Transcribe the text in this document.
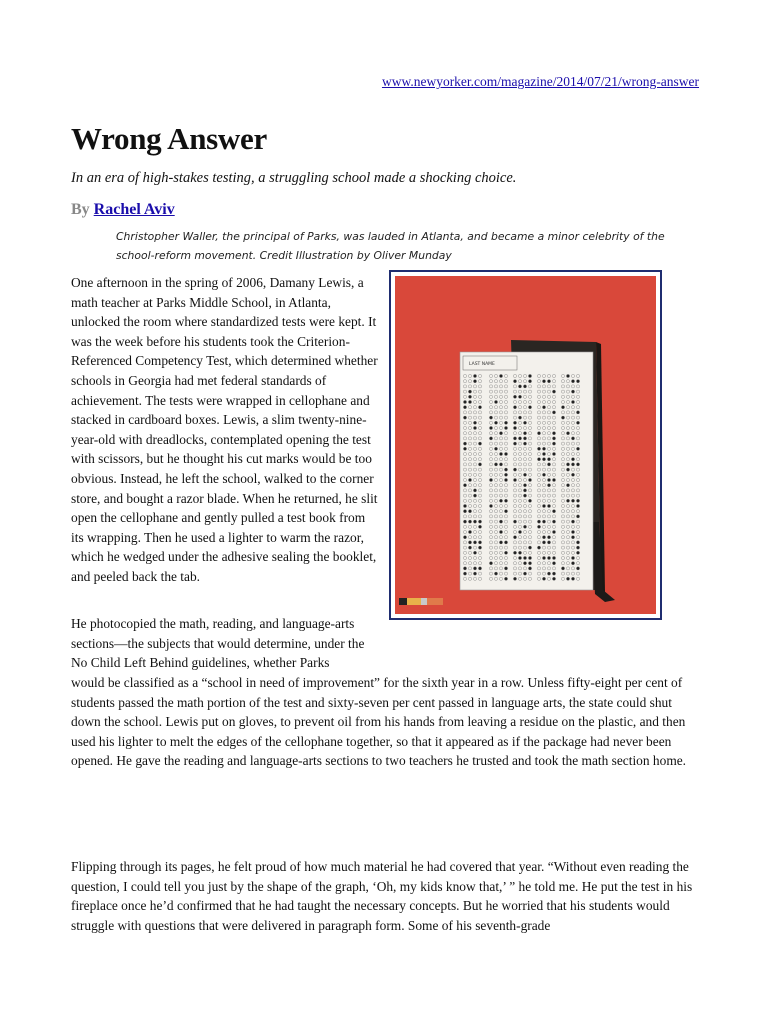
www.newyorker.com/magazine/2014/07/21/wrong-answer
Wrong Answer
In an era of high-stakes testing, a struggling school made a shocking choice.
By Rachel Aviv
Christopher Waller, the principal of Parks, was lauded in Atlanta, and became a minor celebrity of the school-reform movement. Credit Illustration by Oliver Munday
One afternoon in the spring of 2006, Damany Lewis, a math teacher at Parks Middle School, in Atlanta, unlocked the room where standardized tests were kept. It was the week before his students took the Criterion-Referenced Competency Test, which determined whether schools in Georgia had met federal standards of achievement. The tests were wrapped in cellophane and stacked in cardboard boxes. Lewis, a slim twenty-nine-year-old with dreadlocks, contemplated opening the test with scissors, but he thought his cut marks would be too obvious. Instead, he left the school, walked to the corner store, and bought a razor blade. When he returned, he slit open the cellophane and gently pulled a test book from its wrapping. Then he used a lighter to warm the razor, which he wedged under the adhesive sealing the booklet, and peeled back the tab.
LAST NAME
He photocopied the math, reading, and language-arts sections—the subjects that would determine, under the No Child Left Behind guidelines, whether Parks
would be classified as a “school in need of improvement” for the sixth year in a row. Unless fifty-eight per cent of students passed the math portion of the test and sixty-seven per cent passed in language arts, the state could shut down the school. Lewis put on gloves, to prevent oil from his hands from leaving a residue on the plastic, and then used his lighter to melt the edges of the cellophane together, so that it appeared as if the package had never been opened. He gave the reading and language-arts sections to two teachers he trusted and took the math section home.
Flipping through its pages, he felt proud of how much material he had covered that year. “Without even reading the question, I could tell you just by the shape of the graph, ‘Oh, my kids know that,’ ” he told me. He put the test in his fireplace once he’d confirmed that he had taught the necessary concepts. But he worried that his students would struggle with questions that were delivered in paragraph form. Some of his seventh-grade
